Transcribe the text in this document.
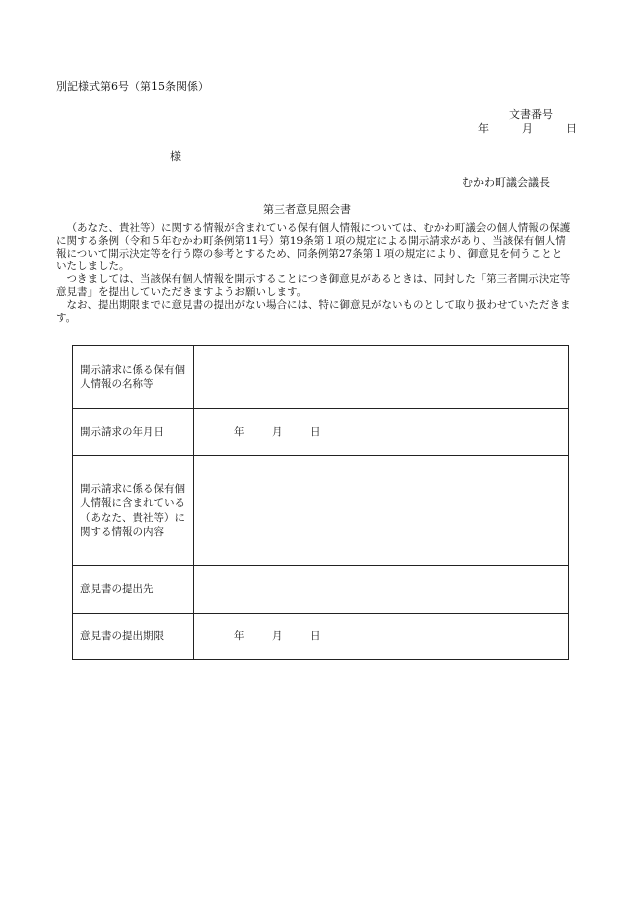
別記様式第6号（第15条関係）
文書番号
年	月	日
様
むかわ町議会議長
第三者意見照会書

（あなた、貴社等）に関する情報が含まれている保有個人情報については、むかわ町議会の個人情報の保護に関する条例（令和５年むかわ町条例第11号）第19条第１項の規定による開示請求があり、当該保有個人情報について開示決定等を行う際の参考とするため、同条例第27条第１項の規定により、御意見を伺うことといたしました。

つきましては、当該保有個人情報を開示することにつき御意見があるときは、同封した「第三者開示決定等意見書」を提出していただきますようお願いします。

なお、提出期限までに意見書の提出がない場合には、特に御意見がないものとして取り扱わせていただきます。

開示請求に係る保有個人情報の名称等	
開示請求の年月日	年 月 日
開示請求に係る保有個人情報に含まれている（あなた、貴社等）に関する情報の内容	
意見書の提出先	
意見書の提出期限	年 月 日
